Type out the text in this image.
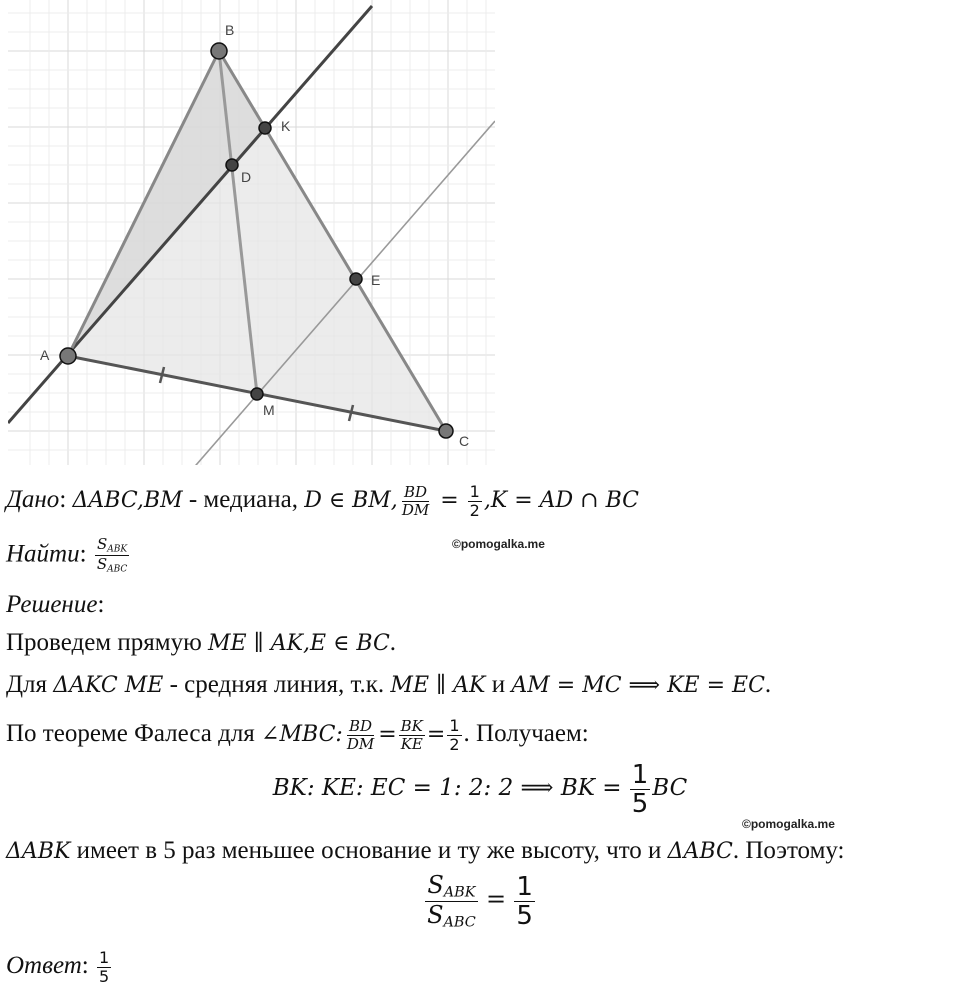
B
A
C
D
K
E
M
Дано: ΔABC,BM - медиана, D ∈ BM, $\frac{BD}{DM} = \frac{1}{2} ,K$ = AD ∩ BC
Найти: $\frac{S_{ABK}}{S_{ABC}}$	©pomogalka.me
Решение:
Проведем прямую ME ∥ AK,E ∈ BC.
Для ΔAKC ME - средняя линия, т.к. ME ∥ AK и AM = MC ⟹ KE = EC.
По теореме Фалеса для ∠MBC: $\frac{BD}{DM} = \frac{BK}{KE} = \frac{1}{2}$ . Получаем:
BK: KE: EC = 1: 2: 2 ⟹ BK = $\frac{1}{5}$ BC
©pomogalka.me
ΔABK имеет в 5 раз меньшее основание и ту же высоту, что и ΔABC. Поэтому:
$\frac{S_{ABK}}{S_{ABC}} = \frac{1}{5}$
Ответ: $\frac{1}{5}$
